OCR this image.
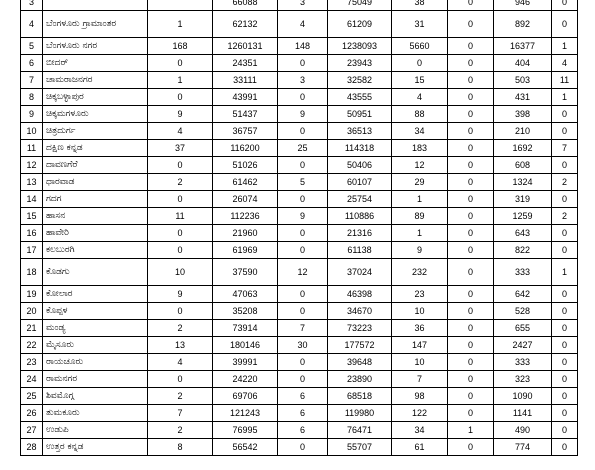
3			66088	3	75049	38	0	946	0
4	ಬೆಂಗಳೂರು ಗ್ರಾಮಾಂತರ	1	62132	4	61209	31	0	892	0
5	ಬೆಂಗಳೂರು ನಗರ	168	1260131	148	1238093	5660	0	16377	1
6	ಬೀದರ್	0	24351	0	23943	0	0	404	4
7	ಚಾಮರಾಜನಗರ	1	33111	3	32582	15	0	503	11
8	ಚಿಕ್ಕಬಳ್ಳಾಪುರ	0	43991	0	43555	4	0	431	1
9	ಚಿಕ್ಕಮಗಳೂರು	9	51437	9	50951	88	0	398	0
10	ಚಿತ್ರದುರ್ಗ	4	36757	0	36513	34	0	210	0
11	ದಕ್ಷಿಣ ಕನ್ನಡ	37	116200	25	114318	183	0	1692	7
12	ದಾವಣಗೆರೆ	0	51026	0	50406	12	0	608	0
13	ಧಾರವಾಡ	2	61462	5	60107	29	0	1324	2
14	ಗದಗ	0	26074	0	25754	1	0	319	0
15	ಹಾಸನ	11	112236	9	110886	89	0	1259	2
16	ಹಾವೇರಿ	0	21960	0	21316	1	0	643	0
17	ಕಲಬುರಗಿ	0	61969	0	61138	9	0	822	0
18	ಕೊಡಗು	10	37590	12	37024	232	0	333	1
19	ಕೋಲಾರ	9	47063	0	46398	23	0	642	0
20	ಕೊಪ್ಪಳ	0	35208	0	34670	10	0	528	0
21	ಮಂಡ್ಯ	2	73914	7	73223	36	0	655	0
22	ಮೈಸೂರು	13	180146	30	177572	147	0	2427	0
23	ರಾಯಚೂರು	4	39991	0	39648	10	0	333	0
24	ರಾಮನಗರ	0	24220	0	23890	7	0	323	0
25	ಶಿವಮೊಗ್ಗ	2	69706	6	68518	98	0	1090	0
26	ತುಮಕೂರು	7	121243	6	119980	122	0	1141	0
27	ಉಡುಪಿ	2	76995	6	76471	34	1	490	0
28	ಉತ್ತರ ಕನ್ನಡ	8	56542	0	55707	61	0	774	0
